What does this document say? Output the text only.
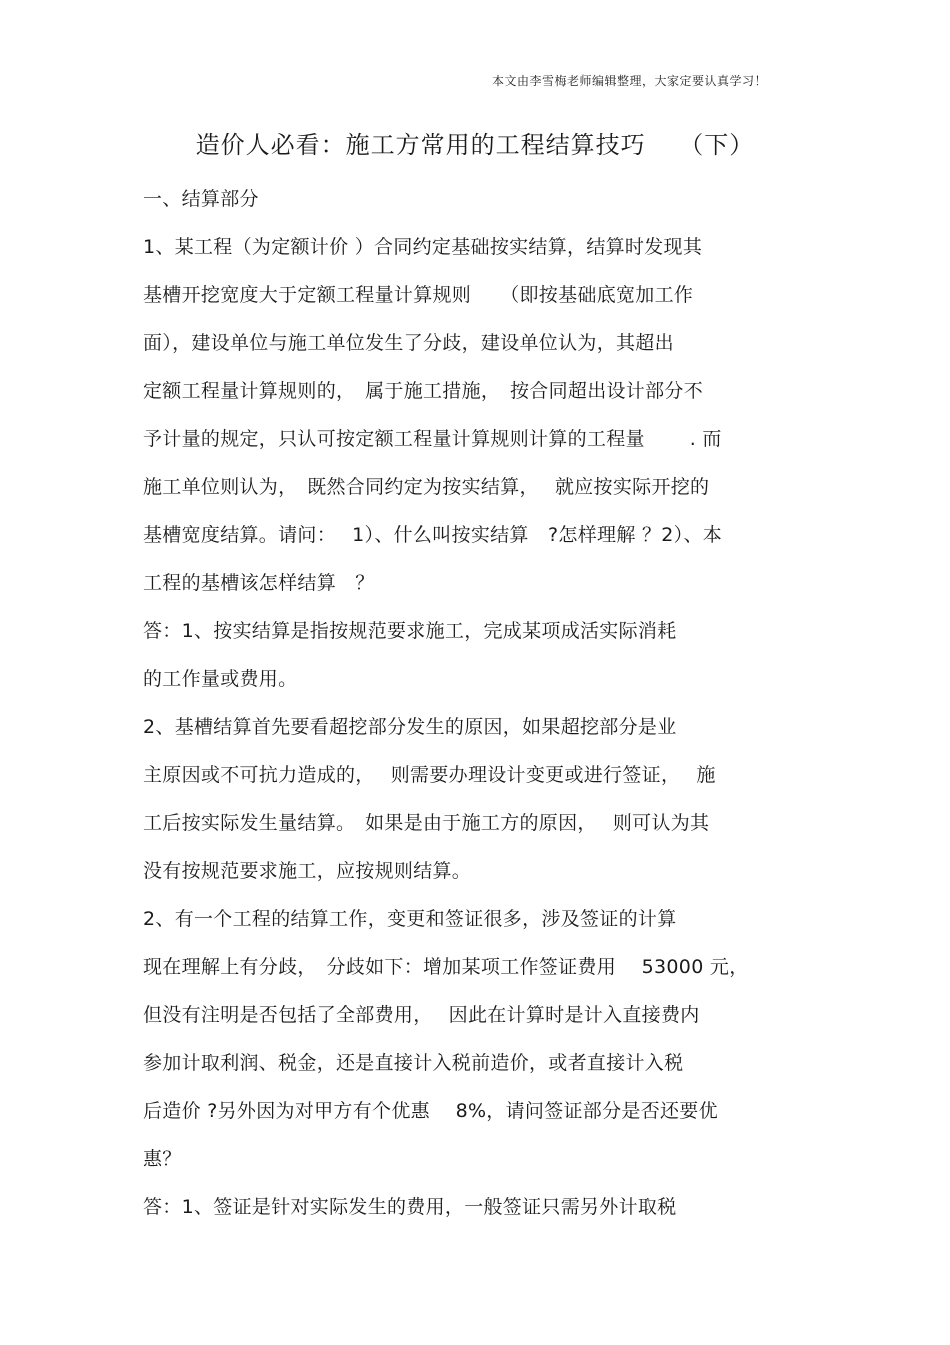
本文由李雪梅老师编辑整理，大家定要认真学习！
造价人必看：施工方常用的工程结算技巧　 （下）
一、结算部分
1、某工程（为定额计价 ）合同约定基础按实结算，结算时发现其
基槽开挖宽度大于定额工程量计算规则　　（即按基础底宽加工作
面），建设单位与施工单位发生了分歧，建设单位认为，其超出
定额工程量计算规则的，　属于施工措施，　按合同超出设计部分不
予计量的规定，只认可按定额工程量计算规则计算的工程量　　 . 而
施工单位则认为，　既然合同约定为按实结算，　 就应按实际开挖的
基槽宽度结算。请问：　 1）、什么叫按实结算　?怎样理解 ？2）、本
工程的基槽该怎样结算　？
答：1、按实结算是指按规范要求施工，完成某项成活实际消耗
的工作量或费用。
2、基槽结算首先要看超挖部分发生的原因，如果超挖部分是业
主原因或不可抗力造成的，　 则需要办理设计变更或进行签证，　 施
工后按实际发生量结算。　如果是由于施工方的原因，　 则可认为其
没有按规范要求施工，应按规则结算。
2、有一个工程的结算工作，变更和签证很多，涉及签证的计算
现在理解上有分歧，　分歧如下：增加某项工作签证费用　 53000 元，
但没有注明是否包括了全部费用，　 因此在计算时是计入直接费内
参加计取利润、税金，还是直接计入税前造价，或者直接计入税
后造价 ?另外因为对甲方有个优惠　 8%，请问签证部分是否还要优
惠？
答：1、签证是针对实际发生的费用，一般签证只需另外计取税
